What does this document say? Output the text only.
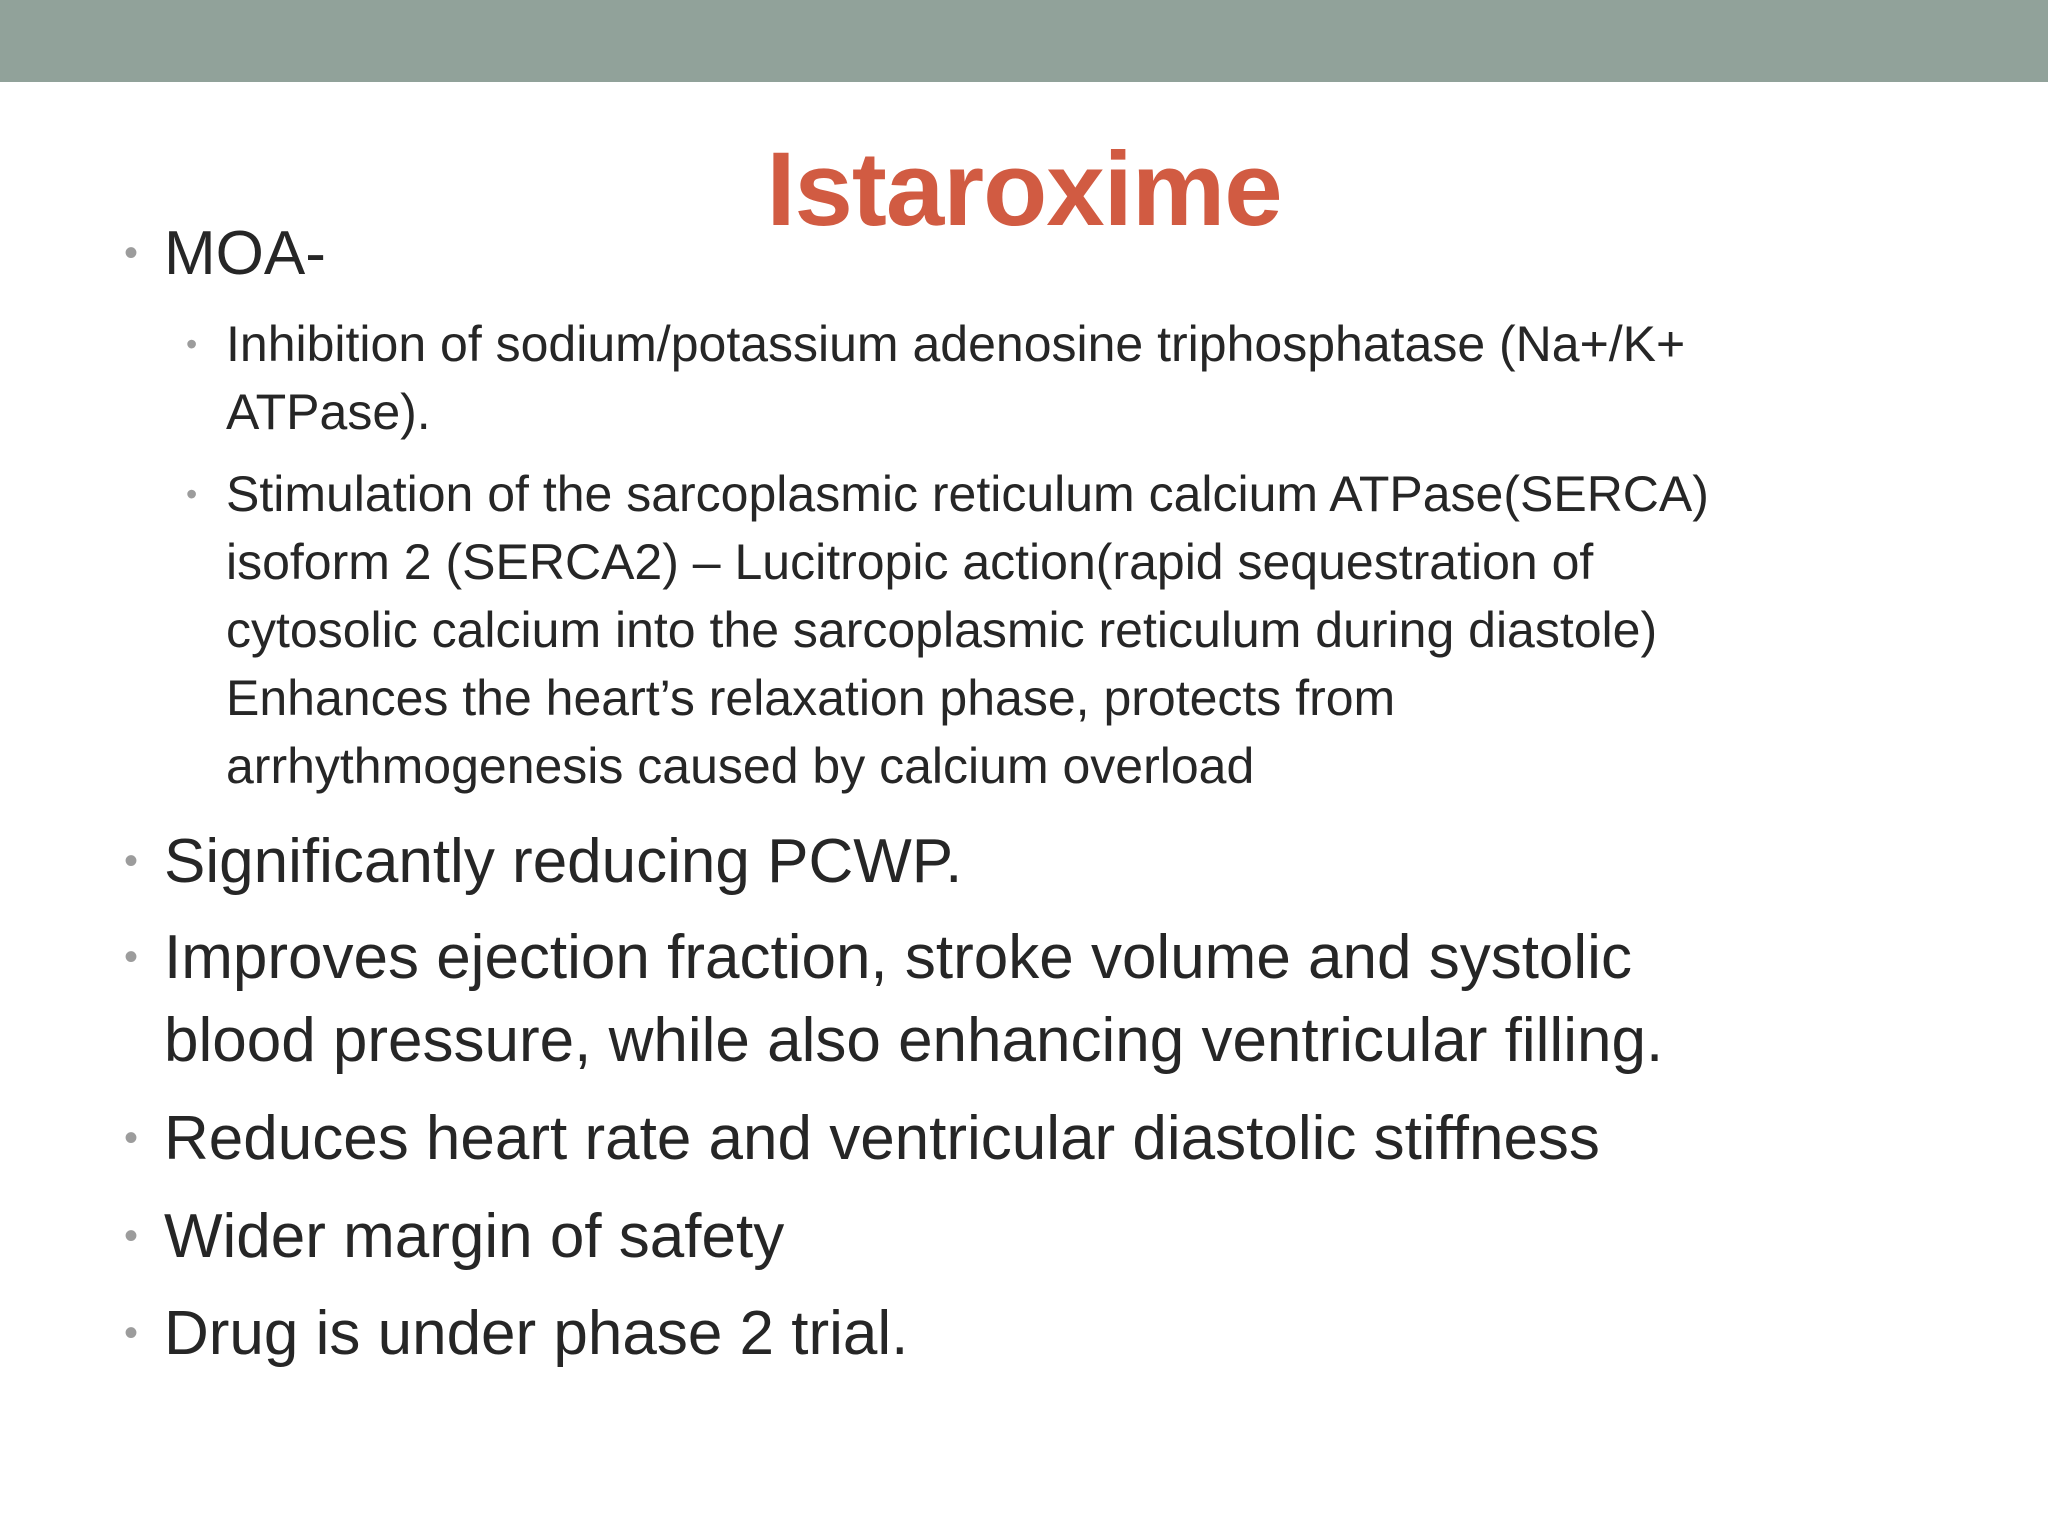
Istaroxime
• MOA-
• Inhibition of sodium/potassium adenosine triphosphatase (Na+/K+
ATPase).
• Stimulation of the sarcoplasmic reticulum calcium ATPase(SERCA)
isoform 2 (SERCA2) – Lucitropic action(rapid sequestration of
cytosolic calcium into the sarcoplasmic reticulum during diastole)
Enhances the heart’s relaxation phase, protects from
arrhythmogenesis caused by calcium overload
• Significantly reducing PCWP.
• Improves ejection fraction, stroke volume and systolic
blood pressure, while also enhancing ventricular filling.
• Reduces heart rate and ventricular diastolic stiffness
• Wider margin of safety
• Drug is under phase 2 trial.
